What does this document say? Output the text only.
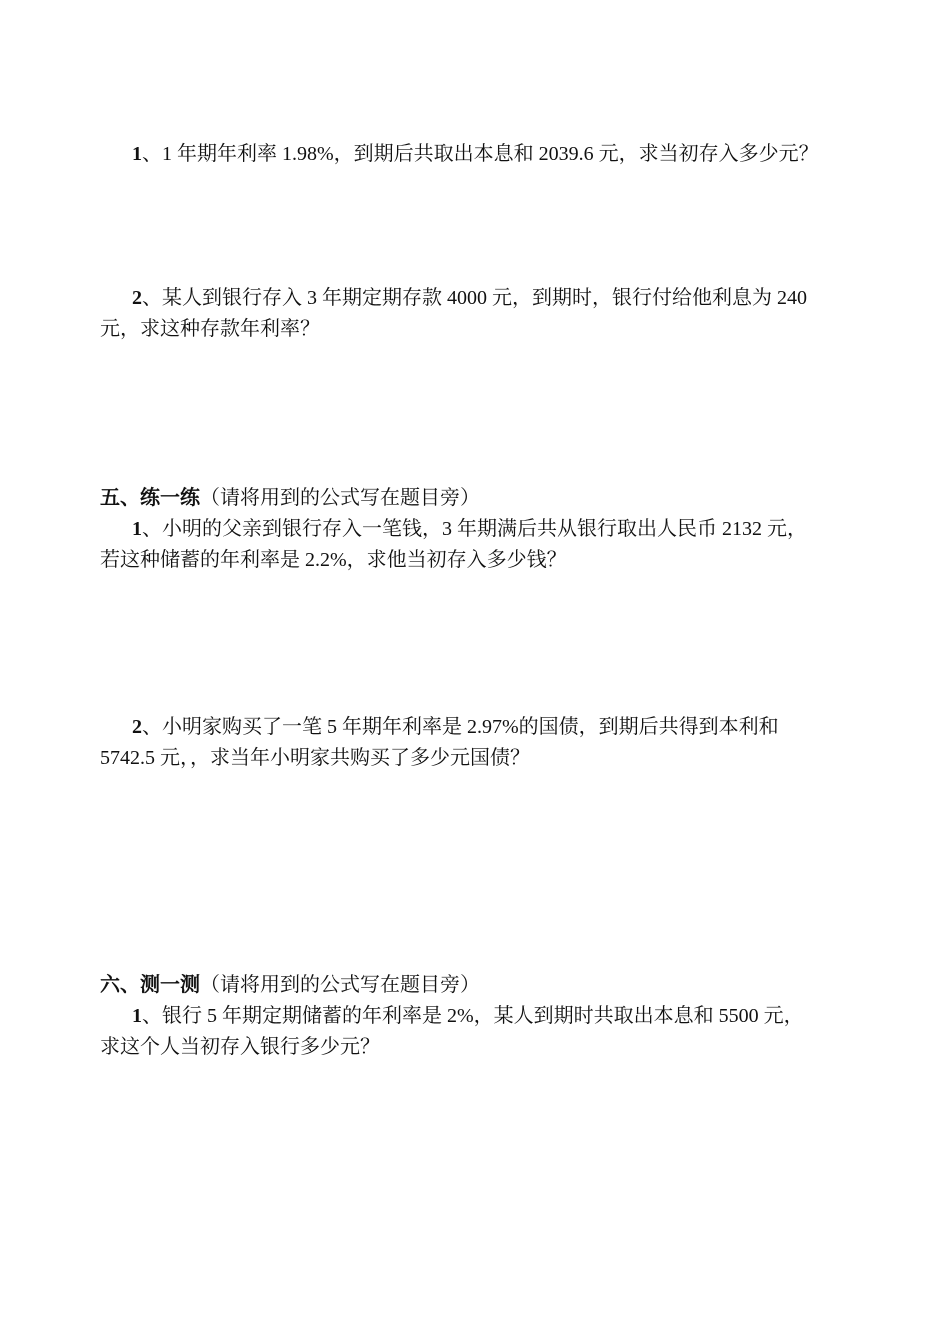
1、1 年期年利率 1.98%，到期后共取出本息和 2039.6 元，求当初存入多少元？
2、某人到银行存入 3 年期定期存款 4000 元，到期时，银行付给他利息为 240
元，求这种存款年利率？
五、练一练（请将用到的公式写在题目旁）
1、小明的父亲到银行存入一笔钱，3 年期满后共从银行取出人民币 2132 元，
若这种储蓄的年利率是 2.2%，求他当初存入多少钱？
2、小明家购买了一笔 5 年期年利率是 2.97%的国债，到期后共得到本利和
5742.5 元，，求当年小明家共购买了多少元国债？
六、测一测（请将用到的公式写在题目旁）
1、银行 5 年期定期储蓄的年利率是 2%，某人到期时共取出本息和 5500 元，
求这个人当初存入银行多少元？
